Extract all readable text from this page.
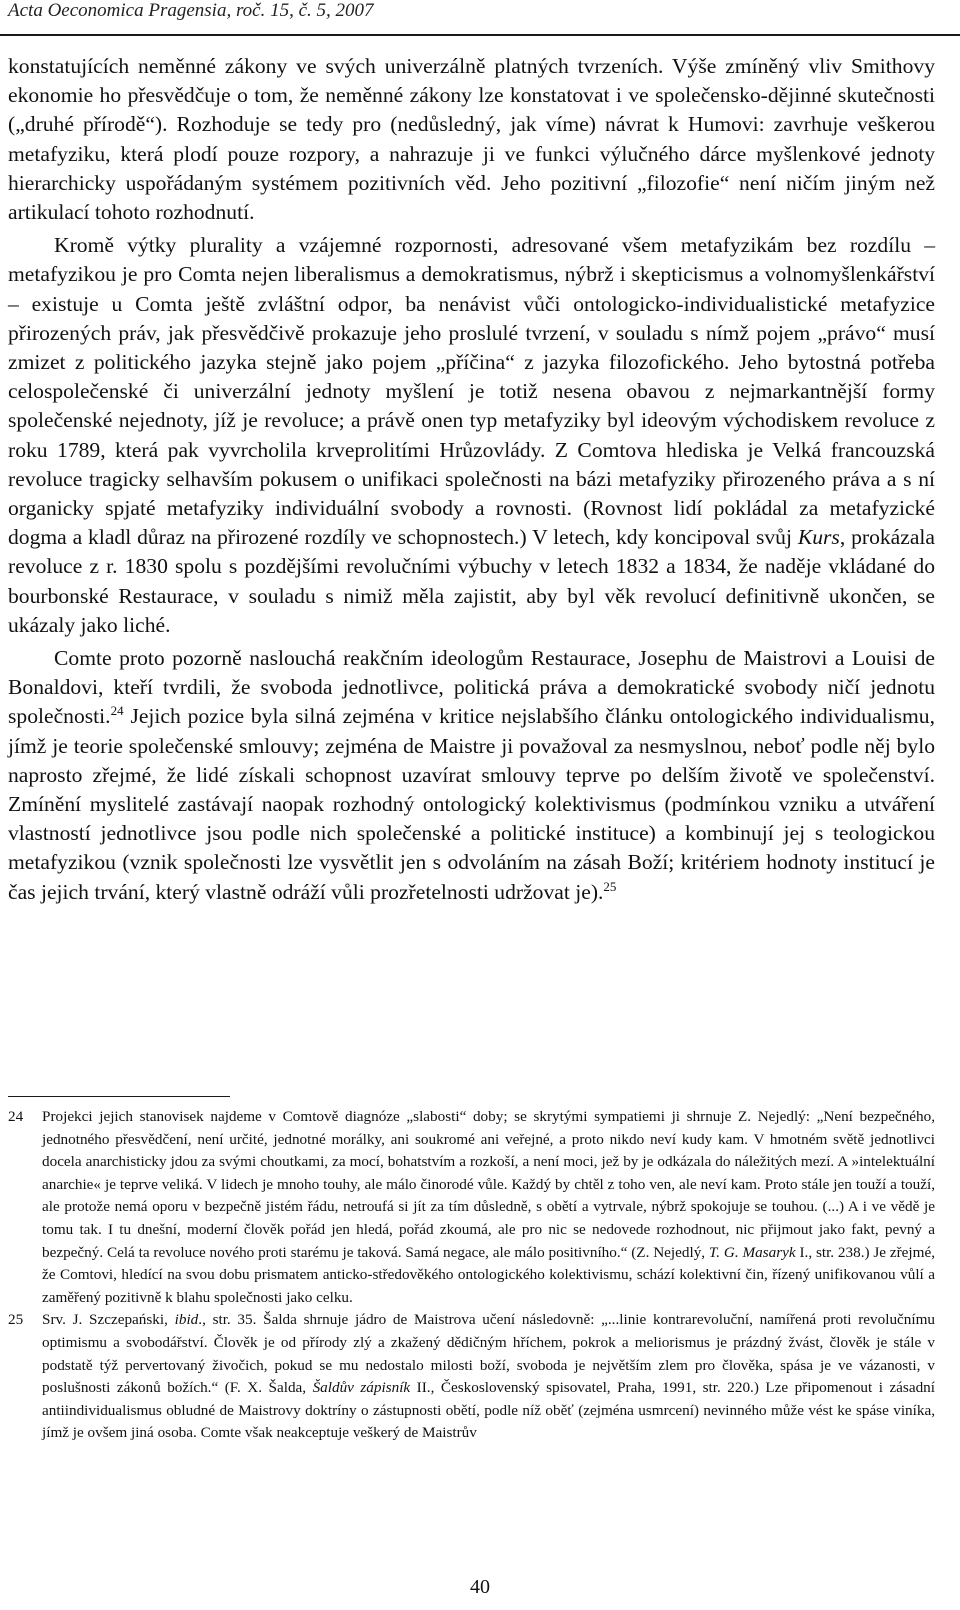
Acta Oeconomica Pragensia, roč. 15, č. 5, 2007

konstatujících neměnné zákony ve svých univerzálně platných tvrzeních. Výše zmíněný vliv Smithovy ekonomie ho přesvědčuje o tom, že neměnné zákony lze konstatovat i ve společensko-dějinné skutečnosti („druhé přírodě“). Rozhoduje se tedy pro (nedůsledný, jak víme) návrat k Humovi: zavrhuje veškerou metafyziku, která plodí pouze rozpory, a nahrazuje ji ve funkci výlučného dárce myšlenkové jednoty hierarchicky uspořádaným systémem pozitivních věd. Jeho pozitivní „filozofie“ není ničím jiným než artikulací tohoto rozhodnutí.

Kromě výtky plurality a vzájemné rozpornosti, adresované všem metafyzikám bez rozdílu – metafyzikou je pro Comta nejen liberalismus a demokratismus, nýbrž i skepticismus a volnomyšlenkářství – existuje u Comta ještě zvláštní odpor, ba nenávist vůči ontologicko-individualistické metafyzice přirozených práv, jak přesvědčivě prokazuje jeho proslulé tvrzení, v souladu s nímž pojem „právo“ musí zmizet z politického jazyka stejně jako pojem „příčina“ z jazyka filozofického. Jeho bytostná potřeba celospolečenské či univerzální jednoty myšlení je totiž nesena obavou z nejmarkantnější formy společenské nejednoty, jíž je revoluce; a právě onen typ metafyziky byl ideovým východiskem revoluce z roku 1789, která pak vyvrcholila krveprolitími Hrůzovlády. Z Comtova hlediska je Velká francouzská revoluce tragicky selhavším pokusem o unifikaci společnosti na bázi metafyziky přirozeného práva a s ní organicky spjaté metafyziky individuální svobody a rovnosti. (Rovnost lidí pokládal za metafyzické dogma a kladl důraz na přirozené rozdíly ve schopnostech.) V letech, kdy koncipoval svůj Kurs, prokázala revoluce z r. 1830 spolu s pozdějšími revolučními výbuchy v letech 1832 a 1834, že naděje vkládané do bourbonské Restaurace, v souladu s nimiž měla zajistit, aby byl věk revolucí definitivně ukončen, se ukázaly jako liché.

Comte proto pozorně naslouchá reakčním ideologům Restaurace, Josephu de Maistrovi a Louisi de Bonaldovi, kteří tvrdili, že svoboda jednotlivce, politická práva a demokratické svobody ničí jednotu společnosti.$^{24}$ Jejich pozice byla silná zejména v kritice nejslabšího článku ontologického individualismu, jímž je teorie společenské smlouvy; zejména de Maistre ji považoval za nesmyslnou, neboť podle něj bylo naprosto zřejmé, že lidé získali schopnost uzavírat smlouvy teprve po delším životě ve společenství. Zmínění myslitelé zastávají naopak rozhodný ontologický kolektivismus (podmínkou vzniku a utváření vlastností jednotlivce jsou podle nich společenské a politické instituce) a kombinují jej s teologickou metafyzikou (vznik společnosti lze vysvětlit jen s odvoláním na zásah Boží; kritériem hodnoty institucí je čas jejich trvání, který vlastně odráží vůli prozřetelnosti udržovat je).$^{25}$

24	Projekci jejich stanovisek najdeme v Comtově diagnóze „slabosti“ doby; se skrytými sympatiemi ji shrnuje Z. Nejedlý: „Není bezpečného, jednotného přesvědčení, není určité, jednotné morálky, ani soukromé ani veřejné, a proto nikdo neví kudy kam. V hmotném světě jednotlivci docela anarchisticky jdou za svými choutkami, za mocí, bohatstvím a rozkoší, a není moci, jež by je odkázala do náležitých mezí. A »intelektuální anarchie« je teprve veliká. V lidech je mnoho touhy, ale málo činorodé vůle. Každý by chtěl z toho ven, ale neví kam. Proto stále jen touží a touží, ale protože nemá oporu v bezpečně jistém řádu, netroufá si jít za tím důsledně, s obětí a vytrvale, nýbrž spokojuje se touhou. (...) A i ve vědě je tomu tak. I tu dnešní, moderní člověk pořád jen hledá, pořád zkoumá, ale pro nic se nedovede rozhodnout, nic přijmout jako fakt, pevný a bezpečný. Celá ta revoluce nového proti starému je taková. Samá negace, ale málo positivního.“ (Z. Nejedlý, T. G. Masaryk I., str. 238.) Je zřejmé, že Comtovi, hledící na svou dobu prismatem anticko-středověkého ontologického kolektivismu, schází kolektivní čin, řízený unifikovanou vůlí a zaměřený pozitivně k blahu společnosti jako celku.
25	Srv. J. Szczepański, ibid., str. 35. Šalda shrnuje jádro de Maistrova učení následovně: „...linie kontrarevoluční, namířená proti revolučnímu optimismu a svobodářství. Člověk je od přírody zlý a zkažený dědičným hříchem, pokrok a meliorismus je prázdný žvást, člověk je stále v podstatě týž pervertovaný živočich, pokud se mu nedostalo milosti boží, svoboda je největším zlem pro člověka, spása je ve vázanosti, v poslušnosti zákonů božích.“ (F. X. Šalda, Šaldův zápisník II., Československý spisovatel, Praha, 1991, str. 220.) Lze připomenout i zásadní antiindividualismus obludné de Maistrovy doktríny o zástupnosti obětí, podle níž oběť (zejména usmrcení) nevinného může vést ke spáse viníka, jímž je ovšem jiná osoba. Comte však neakceptuje veškerý de Maistrův
40
